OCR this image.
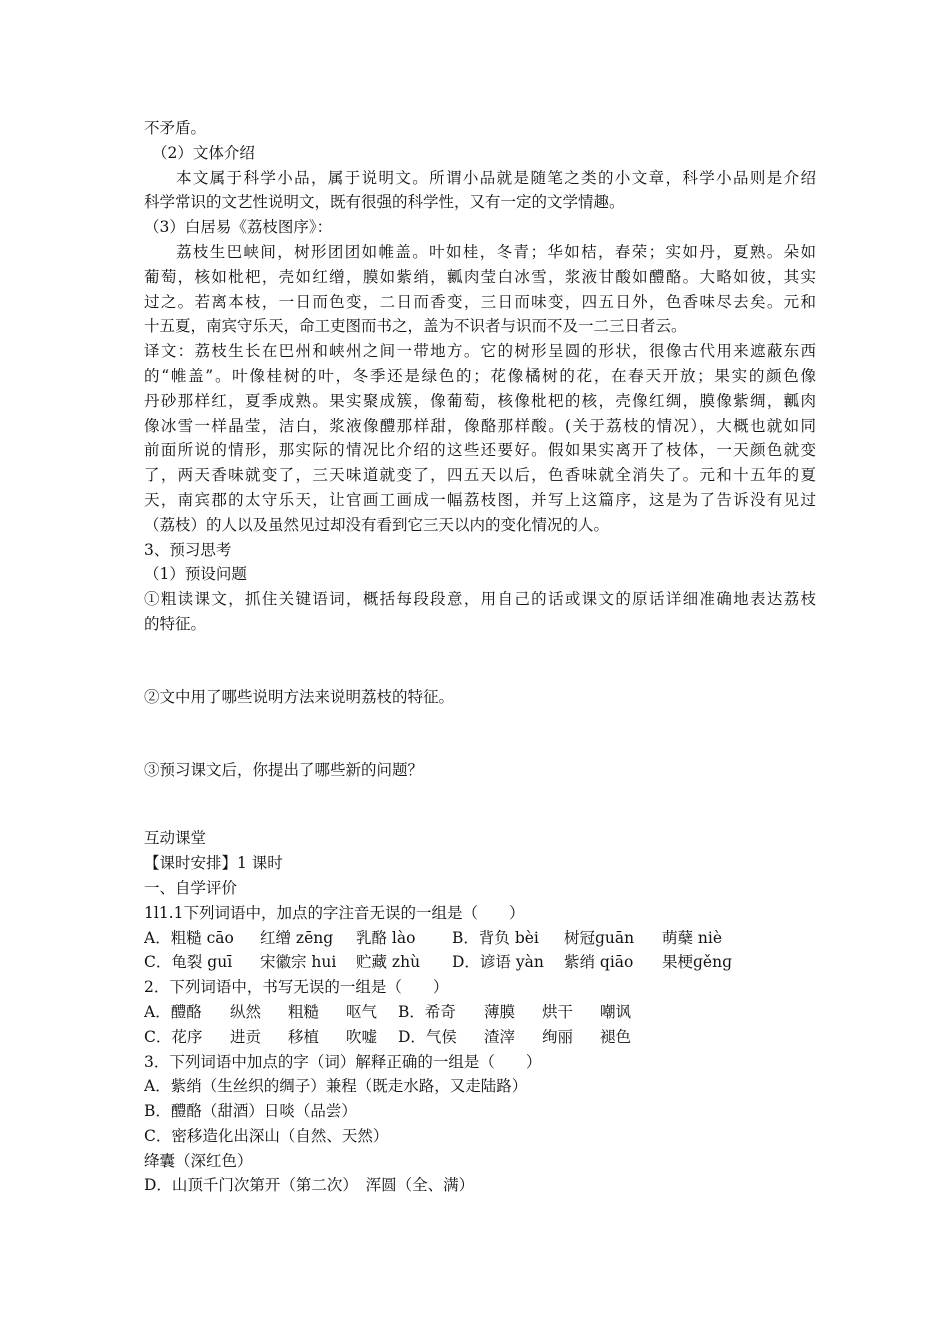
不矛盾。
（2）文体介绍
本文属于科学小品，属于说明文。所谓小品就是随笔之类的小文章，科学小品则是介绍
科学常识的文艺性说明文，既有很强的科学性，又有一定的文学情趣。
（3）白居易《荔枝图序》：
荔枝生巴峡间，树形团团如帷盖。叶如桂，冬青；华如桔，春荣；实如丹，夏熟。朵如
葡萄，核如枇杷，壳如红缯，膜如紫绡，瓤肉莹白冰雪，浆液甘酸如醴酪。大略如彼，其实
过之。若离本枝，一日而色变，二日而香变，三日而味变，四五日外，色香味尽去矣。元和
十五夏，南宾守乐天，命工吏图而书之，盖为不识者与识而不及一二三日者云。
译文：荔枝生长在巴州和峡州之间一带地方。它的树形呈圆的形状，很像古代用来遮蔽东西
的“帷盖”。叶像桂树的叶，冬季还是绿色的；花像橘树的花，在春天开放；果实的颜色像
丹砂那样红，夏季成熟。果实聚成簇，像葡萄，核像枇杷的核，壳像红绸，膜像紫绸，瓤肉
像冰雪一样晶莹，洁白，浆液像醴那样甜，像酪那样酸。(关于荔枝的情况），大概也就如同
前面所说的情形，那实际的情况比介绍的这些还要好。假如果实离开了枝体，一天颜色就变
了，两天香味就变了，三天味道就变了，四五天以后，色香味就全消失了。元和十五年的夏
天，南宾郡的太守乐天，让官画工画成一幅荔枝图，并写上这篇序，这是为了告诉没有见过
（荔枝）的人以及虽然见过却没有看到它三天以内的变化情况的人。
3、预习思考
（1）预设问题
①粗读课文，抓住关键语词，概括每段段意，用自己的话或课文的原话详细准确地表达荔枝
的特征。
②文中用了哪些说明方法来说明荔枝的特征。
③预习课文后，你提出了哪些新的问题？
互动课堂
【课时安排】1 课时
一、自学评价
1l1.1下列词语中，加点的字注音无误的一组是（　　）
A．粗糙 cāo 红缯 zēng 乳酪 lào B．背负 bèi 树冠ɡuān 萌蘖 niè
C．龟裂 guī 宋徽宗 hui 贮藏 zhù D．谚语 yàn 紫绡 qiāo 果梗ɡěnɡ
2．下列词语中，书写无误的一组是（　　）
A．醴酪 纵然 粗糙 呕气 B．希奇 薄膜 烘干 嘲讽
C．花序 进贡 移植 吹嘘 D．气侯 渣滓 绚丽 褪色
3．下列词语中加点的字（词）解释正确的一组是（　　）
A．紫绡（生丝织的绸子）兼程（既走水路，又走陆路）
B．醴酪（甜酒）日啖（品尝）
C．密移造化出深山（自然、天然）
绛囊（深红色）
D．山顶千门次第开（第二次）　浑圆（全、满）
